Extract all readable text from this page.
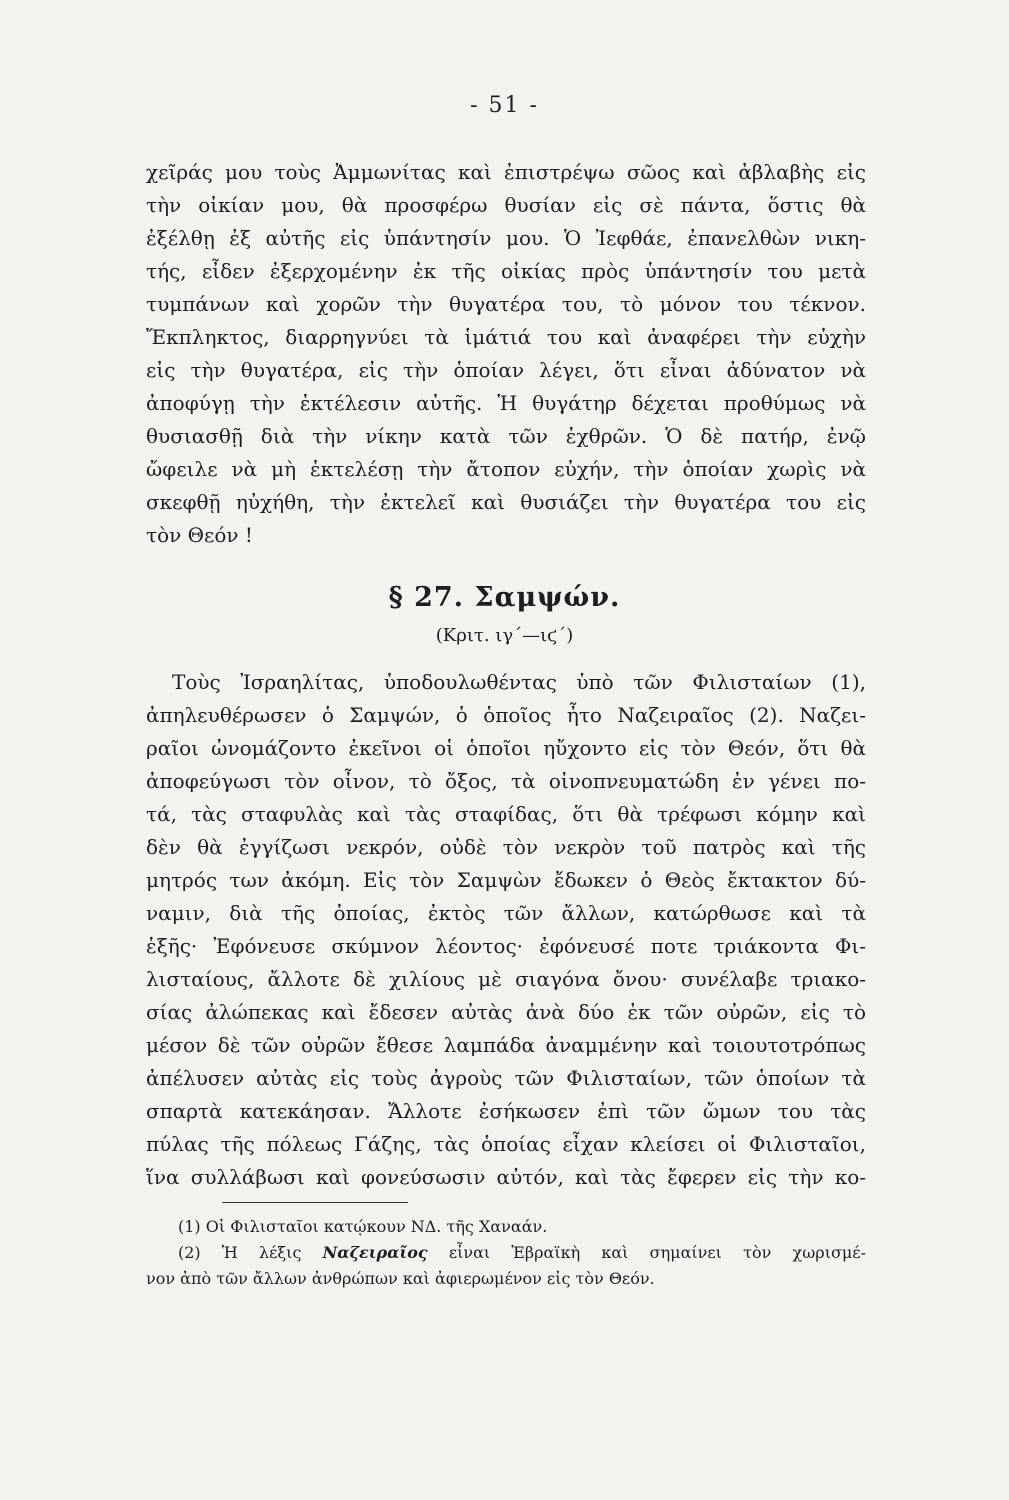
- 51 -
χεῖράς μου τοὺς Ἀμμωνίτας καὶ ἐπιστρέψω σῶος καὶ ἀβλαβὴς εἰς
τὴν οἰκίαν μου, θὰ προσφέρω θυσίαν εἰς σὲ πάντα, ὅστις θὰ
ἐξέλθῃ ἐξ αὐτῆς εἰς ὑπάντησίν μου. Ὁ Ἰεφθάε, ἐπανελθὼν νικη-
τής, εἶδεν ἐξερχομένην ἐκ τῆς οἰκίας πρὸς ὑπάντησίν του μετὰ
τυμπάνων καὶ χορῶν τὴν θυγατέρα του, τὸ μόνον του τέκνον.
Ἔκπληκτος, διαρρηγνύει τὰ ἱμάτιά του καὶ ἀναφέρει τὴν εὐχὴν
εἰς τὴν θυγατέρα, εἰς τὴν ὁποίαν λέγει, ὅτι εἶναι ἀδύνατον νὰ
ἀποφύγῃ τὴν ἐκτέλεσιν αὐτῆς. Ἡ θυγάτηρ δέχεται προθύμως νὰ
θυσιασθῇ διὰ τὴν νίκην κατὰ τῶν ἐχθρῶν. Ὁ δὲ πατήρ, ἐνῷ
ὤφειλε νὰ μὴ ἐκτελέσῃ τὴν ἄτοπον εὐχήν, τὴν ὁποίαν χωρὶς νὰ
σκεφθῇ ηὐχήθη, τὴν ἐκτελεῖ καὶ θυσιάζει τὴν θυγατέρα του εἰς
τὸν Θεόν !
§ 27. Σαμψών.
(Κριτ. ιγ΄—ιϛ΄)
Τοὺς Ἰσραηλίτας, ὑποδουλωθέντας ὑπὸ τῶν Φιλισταίων (1),
ἀπηλευθέρωσεν ὁ Σαμψών, ὁ ὁποῖος ἦτο Ναζειραῖος (2). Ναζει-
ραῖοι ὠνομάζοντο ἐκεῖνοι οἱ ὁποῖοι ηὔχοντο εἰς τὸν Θεόν, ὅτι θὰ
ἀποφεύγωσι τὸν οἶνον, τὸ ὄξος, τὰ οἰνοπνευματώδη ἐν γένει πο-
τά, τὰς σταφυλὰς καὶ τὰς σταφίδας, ὅτι θὰ τρέφωσι κόμην καὶ
δὲν θὰ ἐγγίζωσι νεκρόν, οὐδὲ τὸν νεκρὸν τοῦ πατρὸς καὶ τῆς
μητρός των ἀκόμη. Εἰς τὸν Σαμψὼν ἔδωκεν ὁ Θεὸς ἔκτακτον δύ-
ναμιν, διὰ τῆς ὁποίας, ἐκτὸς τῶν ἄλλων, κατώρθωσε καὶ τὰ
ἑξῆς· Ἐφόνευσε σκύμνον λέοντος· ἐφόνευσέ ποτε τριάκοντα Φι-
λισταίους, ἄλλοτε δὲ χιλίους μὲ σιαγόνα ὄνου· συνέλαβε τριακο-
σίας ἀλώπεκας καὶ ἔδεσεν αὐτὰς ἀνὰ δύο ἐκ τῶν οὐρῶν, εἰς τὸ
μέσον δὲ τῶν οὐρῶν ἔθεσε λαμπάδα ἀναμμένην καὶ τοιουτοτρόπως
ἀπέλυσεν αὐτὰς εἰς τοὺς ἀγροὺς τῶν Φιλισταίων, τῶν ὁποίων τὰ
σπαρτὰ κατεκάησαν. Ἄλλοτε ἐσήκωσεν ἐπὶ τῶν ὤμων του τὰς
πύλας τῆς πόλεως Γάζης, τὰς ὁποίας εἶχαν κλείσει οἱ Φιλισταῖοι,
ἵνα συλλάβωσι καὶ φονεύσωσιν αὐτόν, καὶ τὰς ἔφερεν εἰς τὴν κο-
(1) Οἱ Φιλισταῖοι κατῴκουν ΝΔ. τῆς Χαναάν.
(2) Ἡ λέξις Ναζειραῖος εἶναι Ἑβραϊκὴ καὶ σημαίνει τὸν χωρισμέ-
νον ἀπὸ τῶν ἄλλων ἀνθρώπων καὶ ἀφιερωμένον εἰς τὸν Θεόν.
